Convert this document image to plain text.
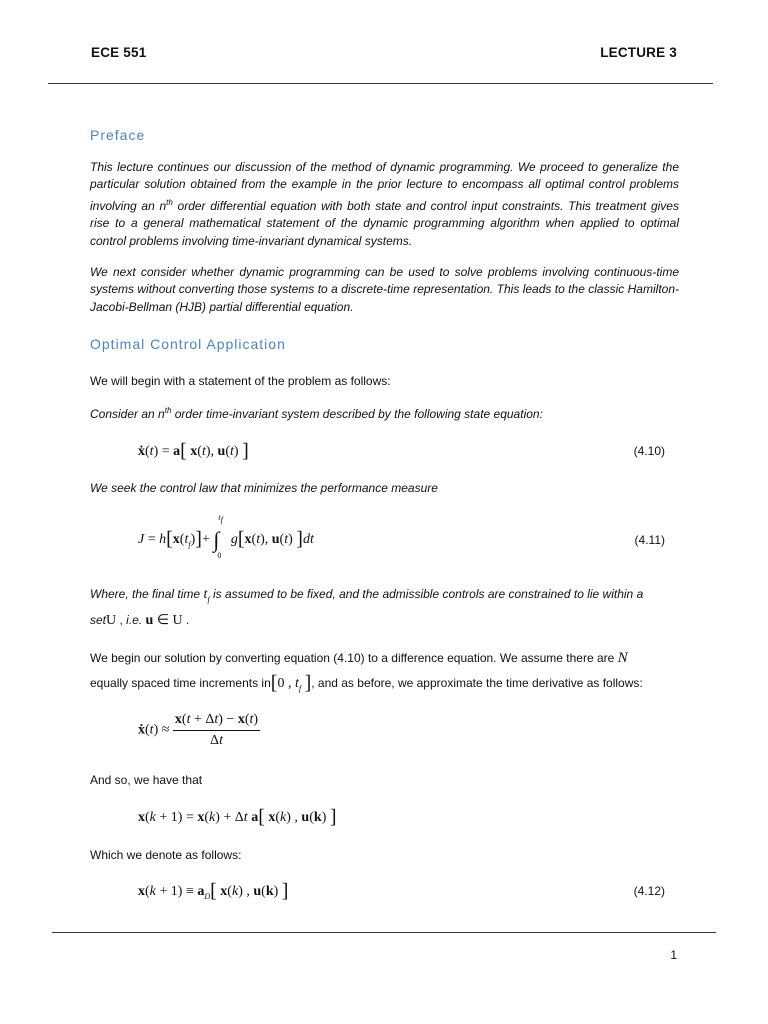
ECE 551	LECTURE 3
Preface

This lecture continues our discussion of the method of dynamic programming. We proceed to generalize the particular solution obtained from the example in the prior lecture to encompass all optimal control problems involving an $n^{th}$ order differential equation with both state and control input constraints. This treatment gives rise to a general mathematical statement of the dynamic programming algorithm when applied to optimal control problems involving time-invariant dynamical systems.

We next consider whether dynamic programming can be used to solve problems involving continuous-time systems without converting those systems to a discrete-time representation. This leads to the classic Hamilton-Jacobi-Bellman (HJB) partial differential equation.

Optimal Control Application
We will begin with a statement of the problem as follows:
Consider an $n^{th}$ order time-invariant system described by the following state equation:
ẋ(t) = a[ x(t), u(t) ]	(4.10)
We seek the control law that minimizes the performance measure
$J = h[x(t_f)]+$ ∫
$t_f$
0
g[x(t), u(t) ]dt	(4.11)
Where, the final time $t_f$ is assumed to be fixed, and the admissible controls are constrained to lie within a
setU , i.e. u ∈ U .
We begin our solution by converting equation (4.10) to a difference equation. We assume there are N
equally spaced time increments in[0 , $t_f$ ], and as before, we approximate the time derivative as follows:
ẋ(t) ≈ $\frac{x(t + \Delta t) - x(t)}{\Delta t}$
And so, we have that
x(k + 1) = x(k) + Δt a[ x(k) , u(k) ]
Which we denote as follows:
$x(k + 1) \equiv a_D$[ x(k) , u(k) ]	(4.12)
1
